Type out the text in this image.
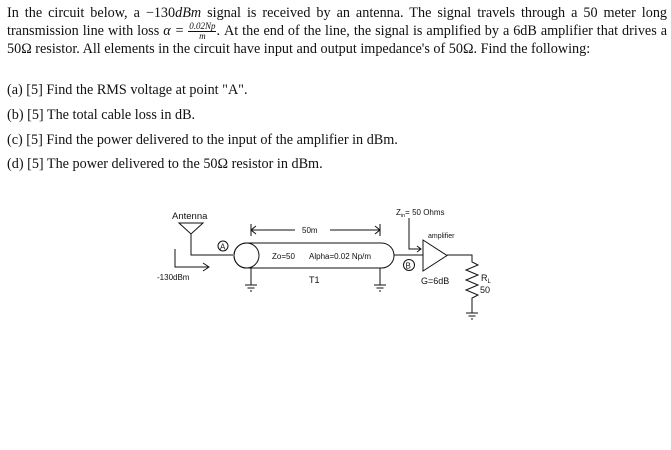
In the circuit below, a −130dBm signal is received by an antenna. The signal travels through a 50 meter long transmission line with loss $\alpha = \frac{0.02Np}{m}$. At the end of the line, the signal is amplified by a 6dB amplifier that drives a 50Ω resistor. All elements in the circuit have input and output impedance's of 50Ω. Find the following:
(a) [5] Find the RMS voltage at point "A".
(b) [5] The total cable loss in dB.
(c) [5] Find the power delivered to the input of the amplifier in dBm.
(d) [5] The power delivered to the 50Ω resistor in dBm.
Antenna
A
-130dBm
Zo=50 Alpha=0.02 Np/m
T1
50m
B
$Z_{in}= 50$ Ohms
amplifier
G=6dB	$R_L$
50
